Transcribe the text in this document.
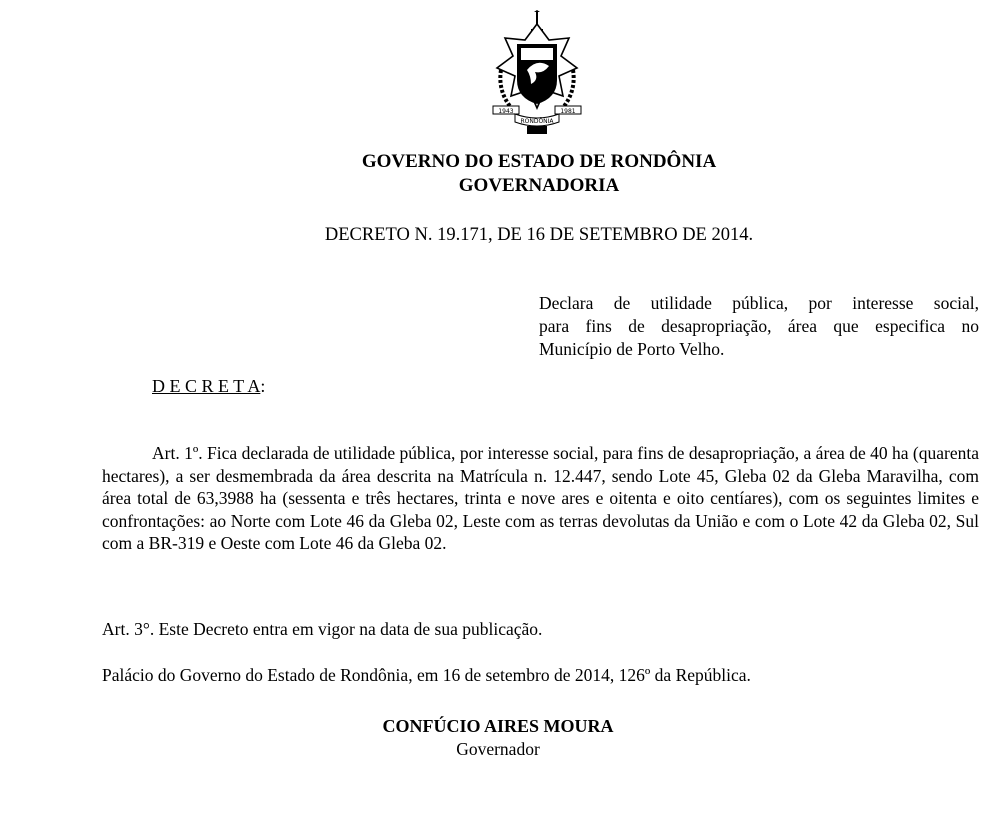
1943	1981
RONDÔNIA
GOVERNO DO ESTADO DE RONDÔNIA
GOVERNADORIA
DECRETO N. 19.171, DE 16 DE SETEMBRO DE 2014.

Declara de utilidade pública, por interesse social,

para fins de desapropriação, área que especifica no

Município de Porto Velho.

D E C R E T A:

Art. 1º. Fica declarada de utilidade pública, por interesse social, para fins de desapropriação, a área de 40 ha (quarenta hectares), a ser desmembrada da área descrita na Matrícula n. 12.447, sendo Lote 45, Gleba 02 da Gleba Maravilha, com área total de 63,3988 ha (sessenta e três hectares, trinta e nove ares e oitenta e oito centíares), com os seguintes limites e confrontações: ao Norte com Lote 46 da Gleba 02, Leste com as terras devolutas da União e com o Lote 42 da Gleba 02, Sul com a BR-319 e Oeste com Lote 46 da Gleba 02.

Art. 3°. Este Decreto entra em vigor na data de sua publicação.
Palácio do Governo do Estado de Rondônia, em 16 de setembro de 2014, 126º da República.
CONFÚCIO AIRES MOURA
Governador
